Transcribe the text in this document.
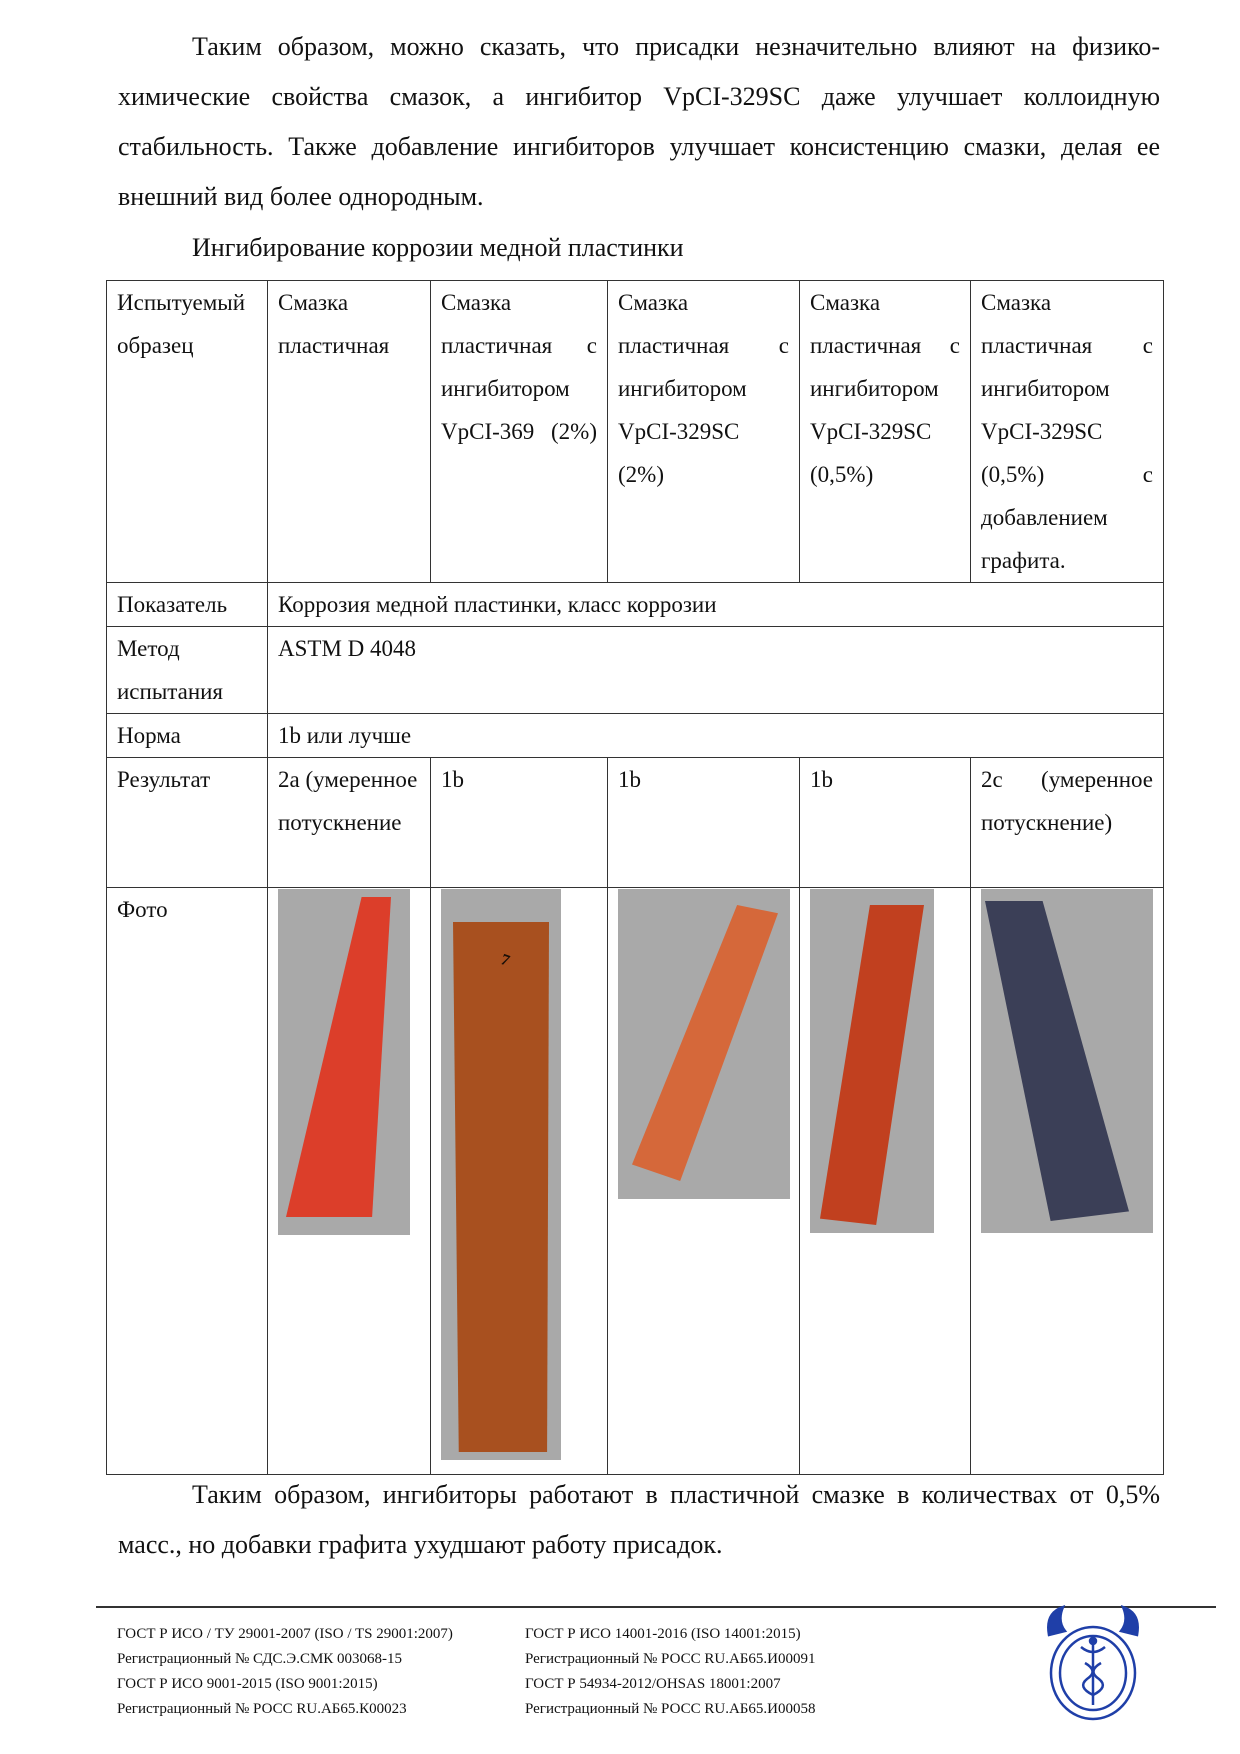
Таким образом, можно сказать, что присадки незначительно влияют на физико-химические свойства смазок, а ингибитор VpCI-329SC даже улучшает коллоидную стабильность. Также добавление ингибиторов улучшает консистенцию смазки, делая ее внешний вид более однородным.

Ингибирование коррозии медной пластинки

Испытуемый образец	Смазка пластичная	Смазка пластичная с ингибитором VpCI-369 (2%)	Смазка пластичная с ингибитором VpCI-329SC (2%)	Смазка пластичная с ингибитором VpCI-329SC (0,5%)	Смазка пластичная с ингибитором VpCI-329SC (0,5%) с добавлением графита.
Показатель	Коррозия медной пластинки, класс коррозии				
Метод испытания	ASTM D 4048				
Норма	1b или лучше				
Результат	2a (умеренное потускнение	1b	1b	1b	2c (умеренное потускнение)
Фото		7			

Таким образом, ингибиторы работают в пластичной смазке в количествах от 0,5% масс., но добавки графита ухудшают работу присадок.

ГОСТ Р ИСО / ТУ 29001-2007 (ISO / TS 29001:2007)
Регистрационный № СДС.Э.СМК 003068-15
ГОСТ Р ИСО 9001-2015 (ISO 9001:2015)
Регистрационный № РОСС RU.АБ65.К00023
ГОСТ Р ИСО 14001-2016 (ISO 14001:2015)
Регистрационный № РОСС RU.АБ65.И00091
ГОСТ Р 54934-2012/OHSAS 18001:2007
Регистрационный № РОСС RU.АБ65.И00058
